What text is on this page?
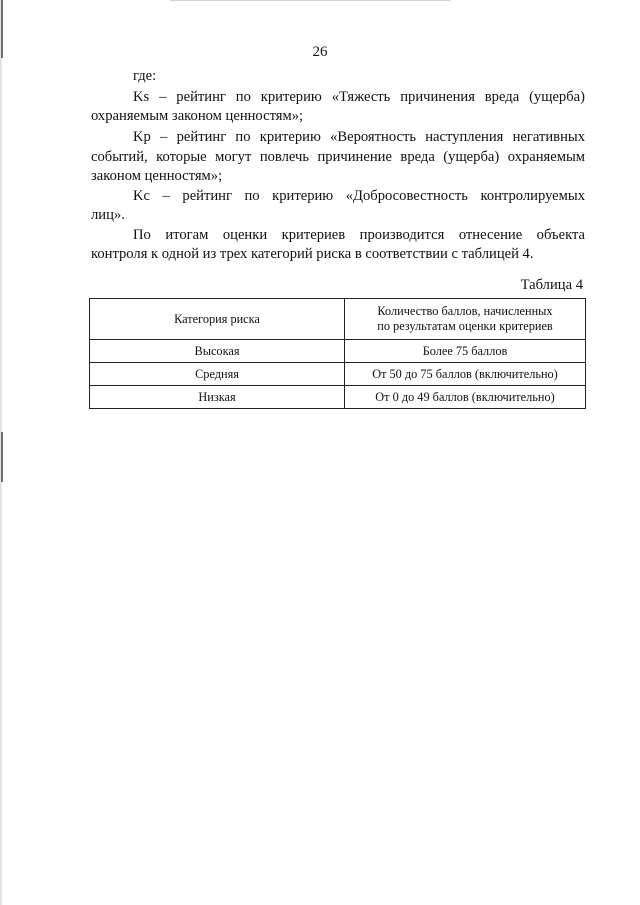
26
где:
Ks – рейтинг по критерию «Тяжесть причинения вреда (ущерба)
охраняемым законом ценностям»;
Kр – рейтинг по критерию «Вероятность наступления негативных
событий, которые могут повлечь причинение вреда (ущерба) охраняемым
законом ценностям»;
Kс – рейтинг по критерию «Добросовестность контролируемых
лиц».
По итогам оценки критериев производится отнесение объекта
контроля к одной из трех категорий риска в соответствии с таблицей 4.
Таблица 4
Категория риска	Количество баллов, начисленных
по результатам оценки критериев

Высокая	Более 75 баллов
Средняя	От 50 до 75 баллов (включительно)
Низкая	От 0 до 49 баллов (включительно)
